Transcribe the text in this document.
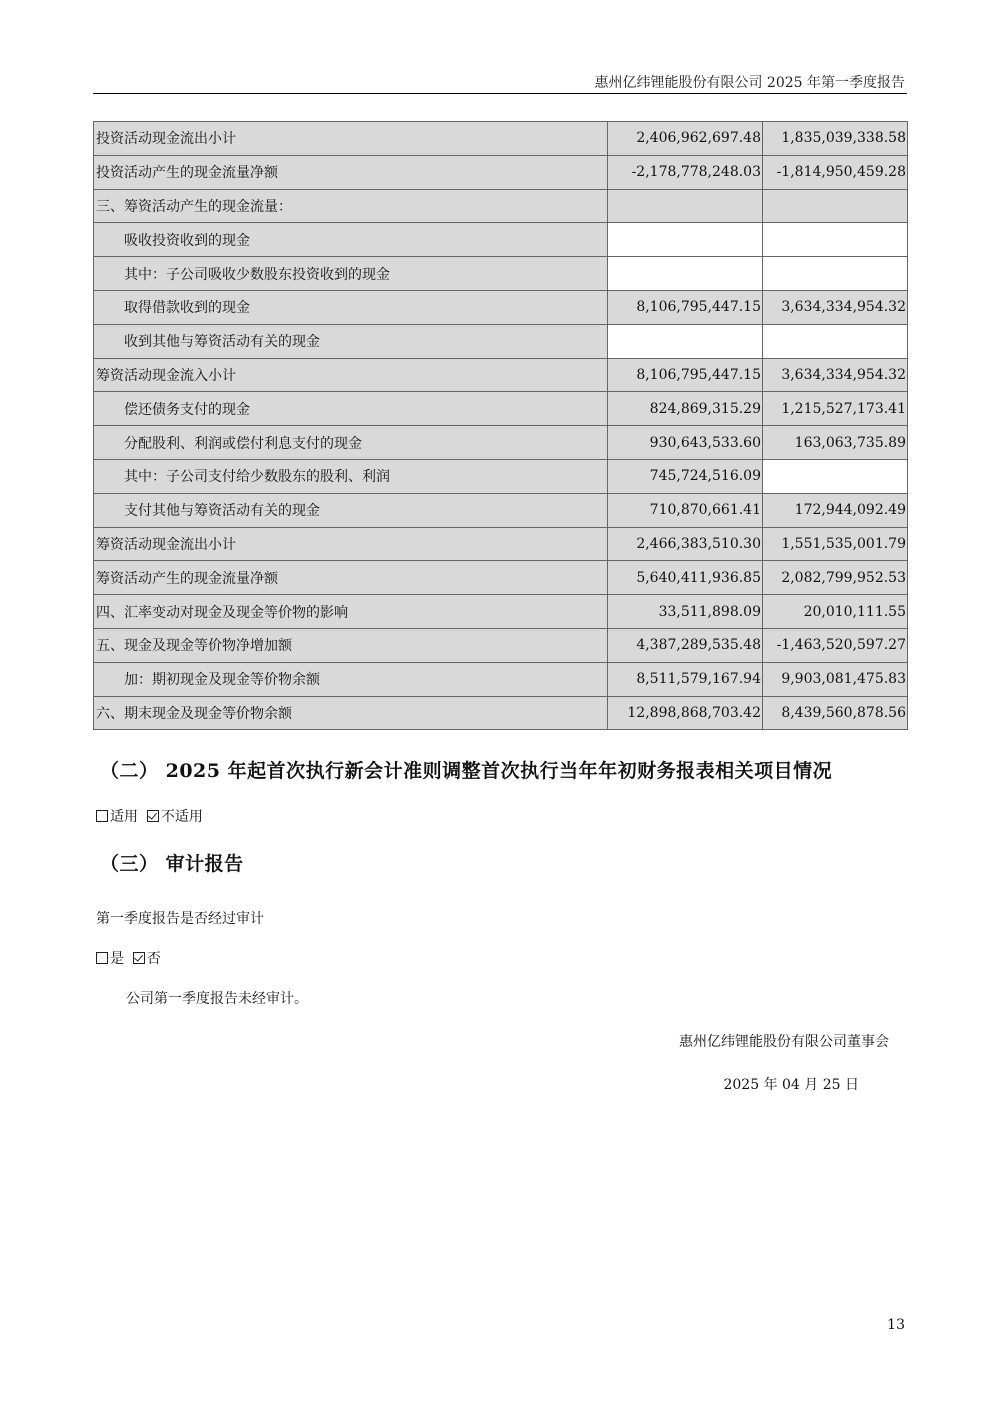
惠州亿纬锂能股份有限公司 2025 年第一季度报告
投资活动现金流出小计	2,406,962,697.48	1,835,039,338.58
投资活动产生的现金流量净额	-2,178,778,248.03	-1,814,950,459.28
三、筹资活动产生的现金流量：		
吸收投资收到的现金		
其中：子公司吸收少数股东投资收到的现金		
取得借款收到的现金	8,106,795,447.15	3,634,334,954.32
收到其他与筹资活动有关的现金		
筹资活动现金流入小计	8,106,795,447.15	3,634,334,954.32
偿还债务支付的现金	824,869,315.29	1,215,527,173.41
分配股利、利润或偿付利息支付的现金	930,643,533.60	163,063,735.89
其中：子公司支付给少数股东的股利、利润	745,724,516.09	
支付其他与筹资活动有关的现金	710,870,661.41	172,944,092.49
筹资活动现金流出小计	2,466,383,510.30	1,551,535,001.79
筹资活动产生的现金流量净额	5,640,411,936.85	2,082,799,952.53
四、汇率变动对现金及现金等价物的影响	33,511,898.09	20,010,111.55
五、现金及现金等价物净增加额	4,387,289,535.48	-1,463,520,597.27
加：期初现金及现金等价物余额	8,511,579,167.94	9,903,081,475.83
六、期末现金及现金等价物余额	12,898,868,703.42	8,439,560,878.56
（二） 2025 年起首次执行新会计准则调整首次执行当年年初财务报表相关项目情况
适用 不适用
（三） 审计报告
第一季度报告是否经过审计
是 否
公司第一季度报告未经审计。
惠州亿纬锂能股份有限公司董事会
2025 年 04 月 25 日
13
